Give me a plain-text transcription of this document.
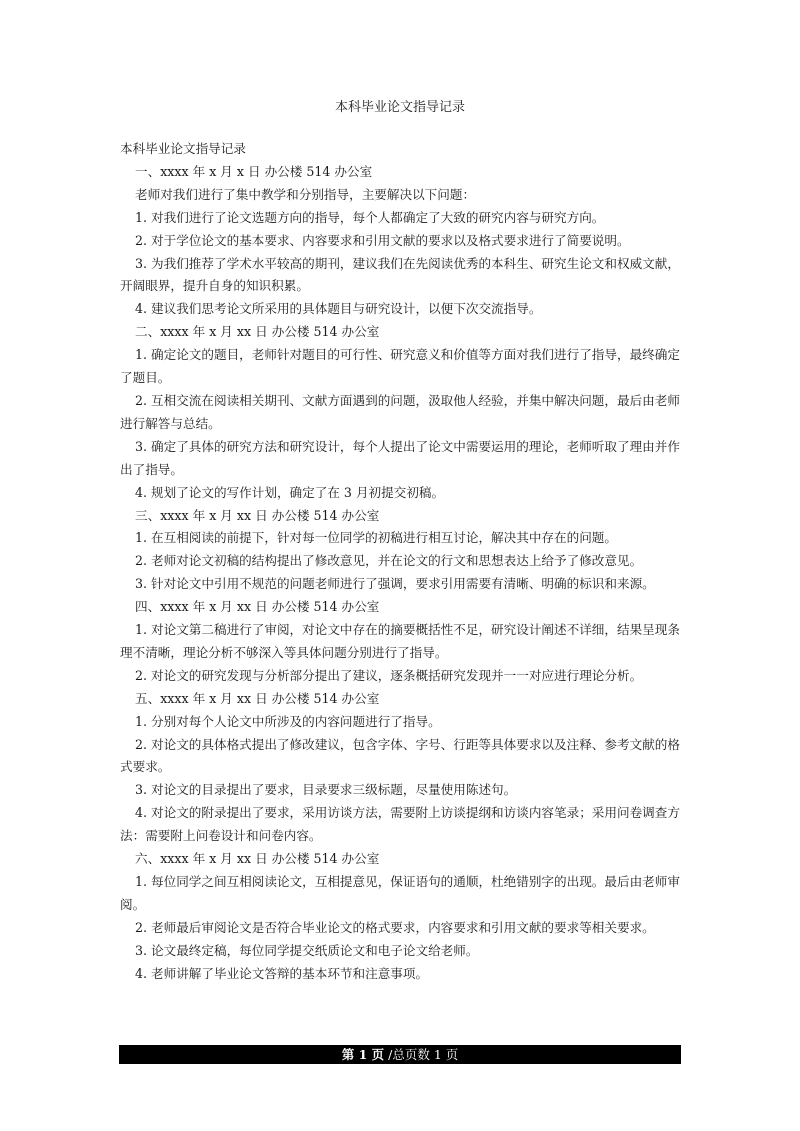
本科毕业论文指导记录

本科毕业论文指导记录

一、xxxx 年 x 月 x 日 办公楼 514 办公室

老师对我们进行了集中教学和分别指导，主要解决以下问题：

1. 对我们进行了论文选题方向的指导，每个人都确定了大致的研究内容与研究方向。

2. 对于学位论文的基本要求、内容要求和引用文献的要求以及格式要求进行了简要说明。

3. 为我们推荐了学术水平较高的期刊，建议我们在先阅读优秀的本科生、研究生论文和权威文献，开阔眼界，提升自身的知识积累。

4. 建议我们思考论文所采用的具体题目与研究设计，以便下次交流指导。

二、xxxx 年 x 月 xx 日 办公楼 514 办公室

1. 确定论文的题目，老师针对题目的可行性、研究意义和价值等方面对我们进行了指导，最终确定了题目。

2. 互相交流在阅读相关期刊、文献方面遇到的问题，汲取他人经验，并集中解决问题，最后由老师进行解答与总结。

3. 确定了具体的研究方法和研究设计，每个人提出了论文中需要运用的理论，老师听取了理由并作出了指导。

4. 规划了论文的写作计划，确定了在 3 月初提交初稿。

三、xxxx 年 x 月 xx 日 办公楼 514 办公室

1. 在互相阅读的前提下，针对每一位同学的初稿进行相互讨论，解决其中存在的问题。

2. 老师对论文初稿的结构提出了修改意见，并在论文的行文和思想表达上给予了修改意见。

3. 针对论文中引用不规范的问题老师进行了强调，要求引用需要有清晰、明确的标识和来源。

四、xxxx 年 x 月 xx 日 办公楼 514 办公室

1. 对论文第二稿进行了审阅，对论文中存在的摘要概括性不足，研究设计阐述不详细，结果呈现条理不清晰，理论分析不够深入等具体问题分别进行了指导。

2. 对论文的研究发现与分析部分提出了建议，逐条概括研究发现并一一对应进行理论分析。

五、xxxx 年 x 月 xx 日 办公楼 514 办公室

1. 分别对每个人论文中所涉及的内容问题进行了指导。

2. 对论文的具体格式提出了修改建议，包含字体、字号、行距等具体要求以及注释、参考文献的格式要求。

3. 对论文的目录提出了要求，目录要求三级标题，尽量使用陈述句。

4. 对论文的附录提出了要求，采用访谈方法，需要附上访谈提纲和访谈内容笔录；采用问卷调查方法：需要附上问卷设计和问卷内容。

六、xxxx 年 x 月 xx 日 办公楼 514 办公室

1. 每位同学之间互相阅读论文，互相提意见，保证语句的通顺，杜绝错别字的出现。最后由老师审阅。

2. 老师最后审阅论文是否符合毕业论文的格式要求，内容要求和引用文献的要求等相关要求。

3. 论文最终定稿，每位同学提交纸质论文和电子论文给老师。

4. 老师讲解了毕业论文答辩的基本环节和注意事项。

第 1 页 /总页数 1 页
